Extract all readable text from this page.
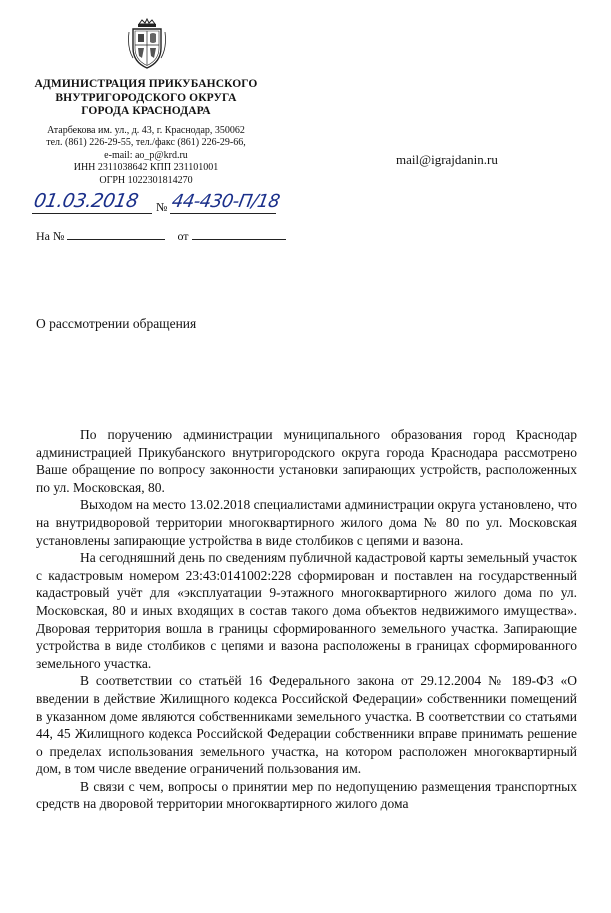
АДМИНИСТРАЦИЯ ПРИКУБАНСКОГО
ВНУТРИГОРОДСКОГО ОКРУГА
ГОРОДА КРАСНОДАРА
Атарбекова им. ул., д. 43, г. Краснодар, 350062
тел. (861) 226-29-55, тел./факс (861) 226-29-66,
e-mail: ao_p@krd.ru
ИНН 2311038642 КПП 231101001
ОГРН 1022301814270
mail@igrajdanin.ru
01.03.2018 № 44-430-П/18
На №	от
О рассмотрении обращения

По поручению администрации муниципального образования город Краснодар администрацией Прикубанского внутригородского округа города Краснодара рассмотрено Ваше обращение по вопросу законности установки запирающих устройств, расположенных по ул. Московская, 80.

Выходом на место 13.02.2018 специалистами администрации округа установлено, что на внутридворовой территории многоквартирного жилого дома № 80 по ул. Московская установлены запирающие устройства в виде столбиков с цепями и вазона.

На сегодняшний день по сведениям публичной кадастровой карты земельный участок с кадастровым номером 23:43:0141002:228 сформирован и поставлен на государственный кадастровый учёт для «эксплуатации 9-этажного многоквартирного жилого дома по ул. Московская, 80 и иных входящих в состав такого дома объектов недвижимого имущества». Дворовая территория вошла в границы сформированного земельного участка. Запирающие устройства в виде столбиков с цепями и вазона расположены в границах сформированного земельного участка.

В соответствии со статьёй 16 Федерального закона от 29.12.2004 № 189-ФЗ «О введении в действие Жилищного кодекса Российской Федерации» собственники помещений в указанном доме являются собственниками земельного участка. В соответствии со статьями 44, 45 Жилищного кодекса Российской Федерации собственники вправе принимать решение о пределах использования земельного участка, на котором расположен многоквартирный дом, в том числе введение ограничений пользования им.

В связи с чем, вопросы о принятии мер по недопущению размещения транспортных средств на дворовой территории многоквартирного жилого дома
